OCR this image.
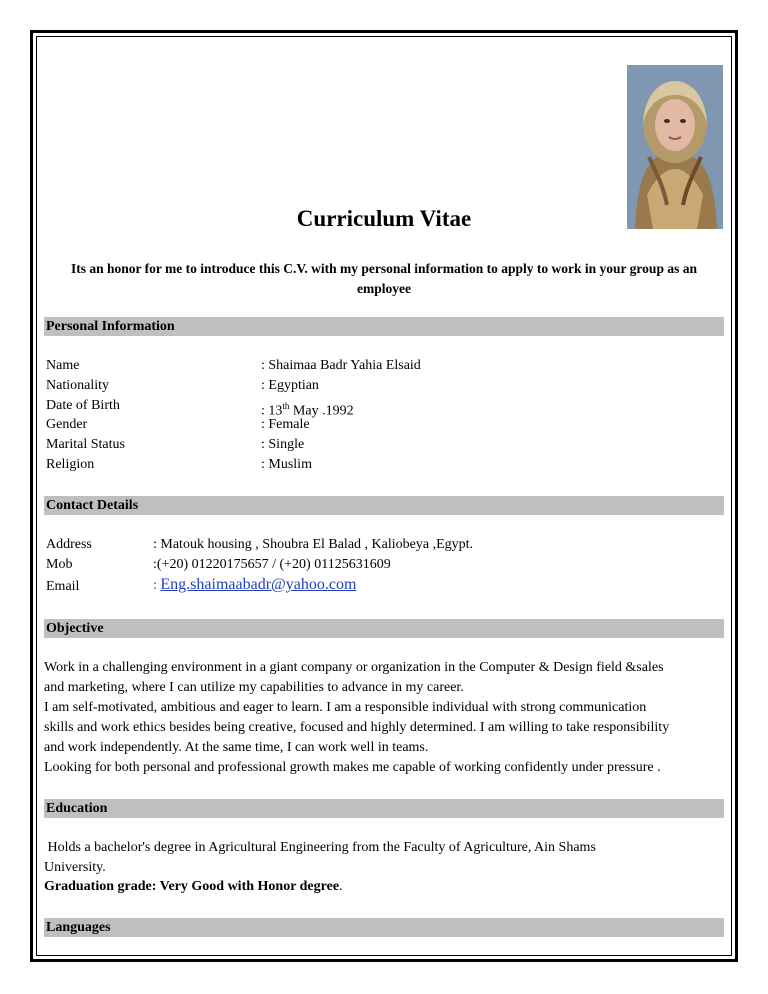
Curriculum Vitae
Its an honor for me to introduce this C.V. with my personal information to apply to work in your group as an employee
Personal Information
Name	: Shaimaa Badr Yahia Elsaid
Nationality	: Egyptian
Date of Birth	: 13th May .1992
Gender	: Female
Marital Status	: Single
Religion	: Muslim
Contact Details
Address	: Matouk housing , Shoubra El Balad , Kaliobeya ,Egypt.
Mob	:(+20) 01220175657 / (+20) 01125631609
Email	: Eng.shaimaabadr@yahoo.com
Objective
Work in a challenging environment in a giant company or organization in the Computer & Design field &sales
and marketing, where I can utilize my capabilities to advance in my career.
I am self-motivated, ambitious and eager to learn. I am a responsible individual with strong communication
skills and work ethics besides being creative, focused and highly determined. I am willing to take responsibility
and work independently. At the same time, I can work well in teams.
Looking for both personal and professional growth makes me capable of working confidently under pressure .
Education
Holds a bachelor's degree in Agricultural Engineering from the Faculty of Agriculture, Ain Shams
University.
Graduation grade: Very Good with Honor degree.
Languages
